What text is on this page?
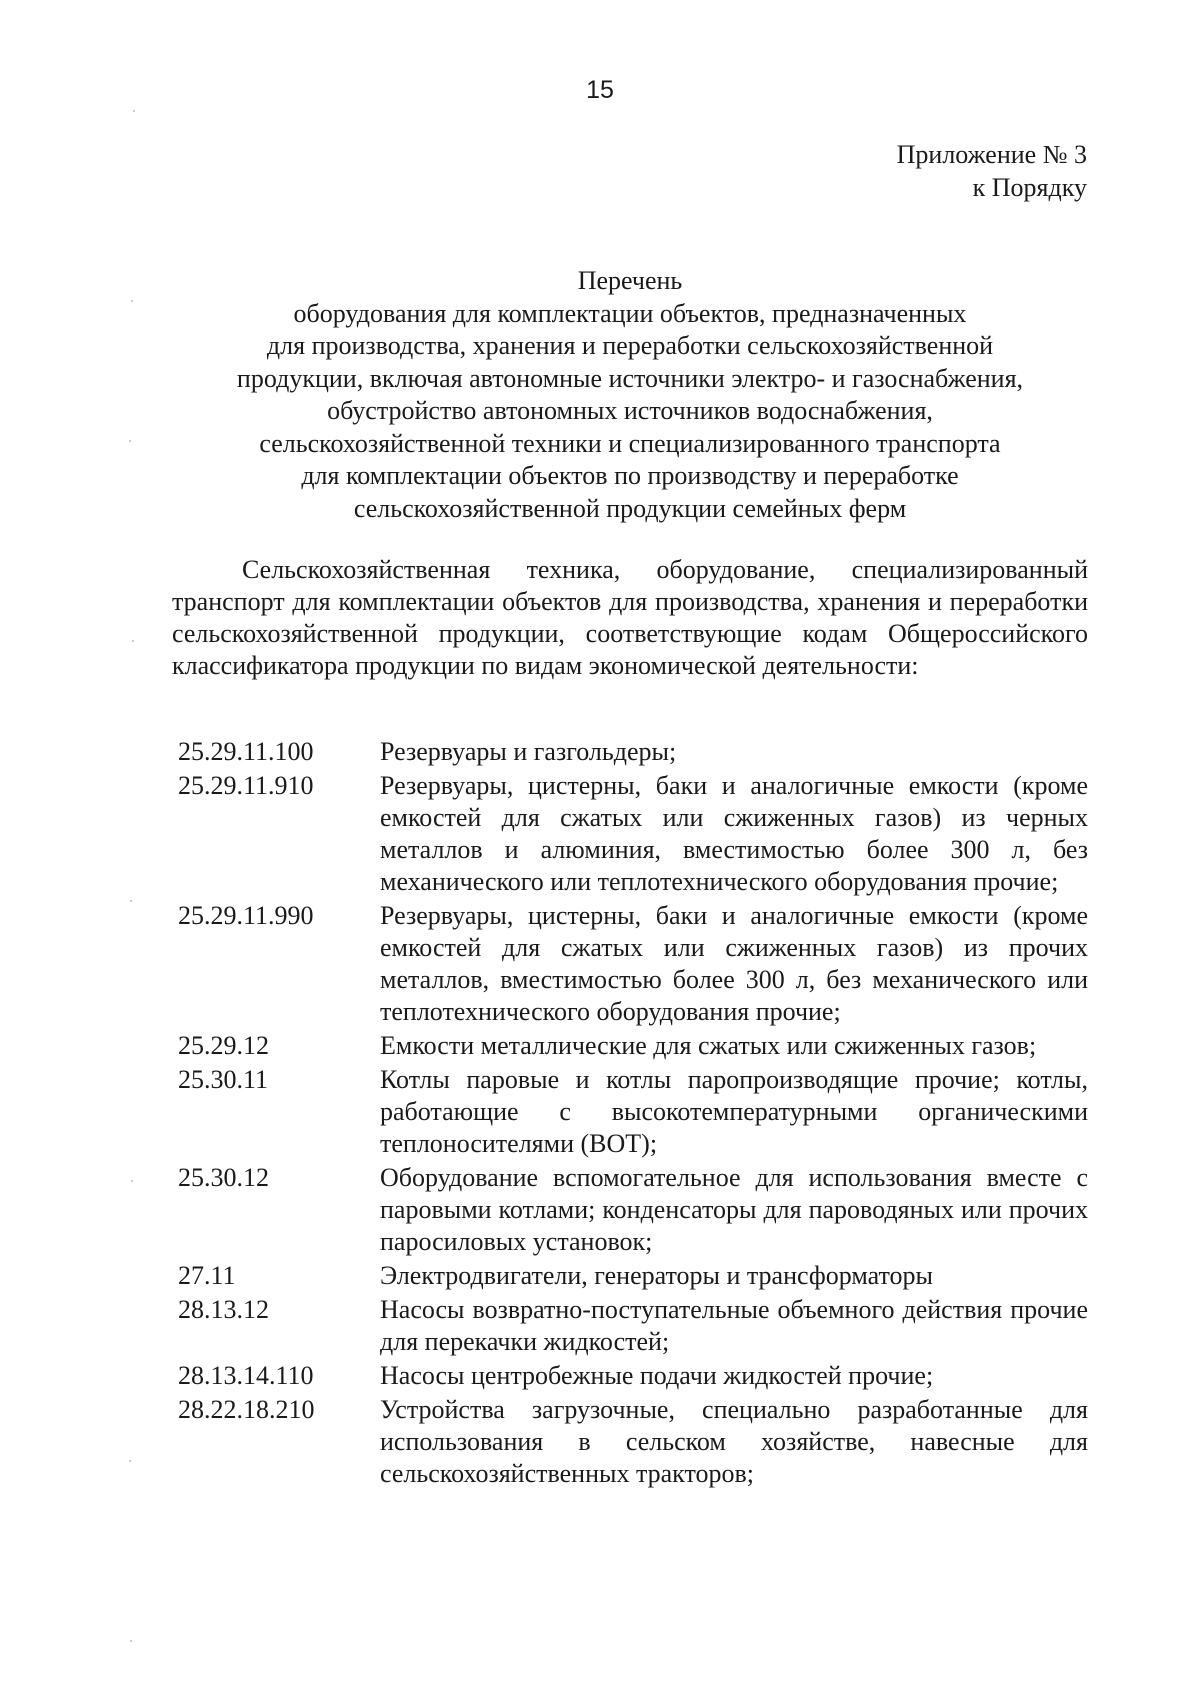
15
Приложение № 3
к Порядку
Перечень
оборудования для комплектации объектов, предназначенных
для производства, хранения и переработки сельскохозяйственной
продукции, включая автономные источники электро- и газоснабжения,
обустройство автономных источников водоснабжения,
сельскохозяйственной техники и специализированного транспорта
для комплектации объектов по производству и переработке
сельскохозяйственной продукции семейных ферм
Сельскохозяйственная техника, оборудование, специализированный транспорт для комплектации объектов для производства, хранения и переработки сельскохозяйственной продукции, соответствующие кодам Общероссийского классификатора продукции по видам экономической деятельности:
25.29.11.100	Резервуары и газгольдеры;
25.29.11.910	Резервуары, цистерны, баки и аналогичные емкости (кроме емкостей для сжатых или сжиженных газов) из черных металлов и алюминия, вместимостью более 300 л, без механического или теплотехнического оборудования прочие;
25.29.11.990	Резервуары, цистерны, баки и аналогичные емкости (кроме емкостей для сжатых или сжиженных газов) из прочих металлов, вместимостью более 300 л, без механического или теплотехнического оборудования прочие;
25.29.12	Емкости металлические для сжатых или сжиженных газов;
25.30.11	Котлы паровые и котлы паропроизводящие прочие; котлы, работающие с высокотемпературными органическими теплоносителями (ВОТ);
25.30.12	Оборудование вспомогательное для использования вместе с паровыми котлами; конденсаторы для пароводяных или прочих паросиловых установок;
27.11	Электродвигатели, генераторы и трансформаторы
28.13.12	Насосы возвратно-поступательные объемного действия прочие для перекачки жидкостей;
28.13.14.110	Насосы центробежные подачи жидкостей прочие;
28.22.18.210	Устройства загрузочные, специально разработанные для использования в сельском хозяйстве, навесные для сельскохозяйственных тракторов;
